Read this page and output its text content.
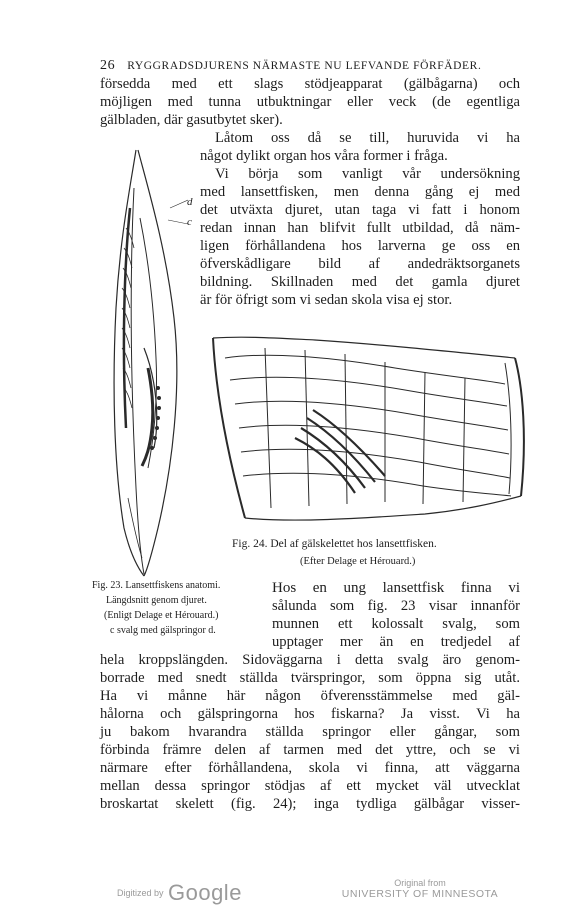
26 RYGGRADSDJURENS NÄRMASTE NU LEFVANDE FÖRFÄDER.
försedda med ett slags stödjeapparat (gälbågarna) och
möjligen med tunna utbuktningar eller veck (de egentliga
gälbladen, där gasutbytet sker).
Låtom oss då se till, huruvida vi ha
något dylikt organ hos våra former i fråga.
Vi börja som vanligt vår undersökning
med lansettfisken, men denna gång ej med
det utväxta djuret, utan taga vi fatt i honom
redan innan han blifvit fullt utbildad, då näm-
ligen förhållandena hos larverna ge oss en
öfverskådligare bild af andedräktsorganets
bildning. Skillnaden med det gamla djuret
är för öfrigt som vi sedan skola visa ej stor.
d
c
Fig. 24. Del af gälskelettet hos lansettfisken.
(Efter Delage et Hérouard.)
Fig. 23. Lansettfiskens anatomi.
Längdsnitt genom djuret.
(Enligt Delage et Hérouard.)
c svalg med gälspringor d.
Hos en ung lansettfisk finna vi
sålunda som fig. 23 visar innanför
munnen ett kolossalt svalg, som
upptager mer än en tredjedel af
hela kroppslängden. Sidoväggarna i detta svalg äro genom-
borrade med snedt ställda tvärspringor, som öppna sig utåt.
Ha vi månne här någon öfverensstämmelse med gäl-
hålorna och gälspringorna hos fiskarna? Ja visst. Vi ha
ju bakom hvarandra ställda springor eller gångar, som
förbinda främre delen af tarmen med det yttre, och se vi
närmare efter förhållandena, skola vi finna, att väggarna
mellan dessa springor stödjas af ett mycket väl utvecklat
broskartat skelett (fig. 24); inga tydliga gälbågar visser-
Digitized by Google	Original from
UNIVERSITY OF MINNESOTA
